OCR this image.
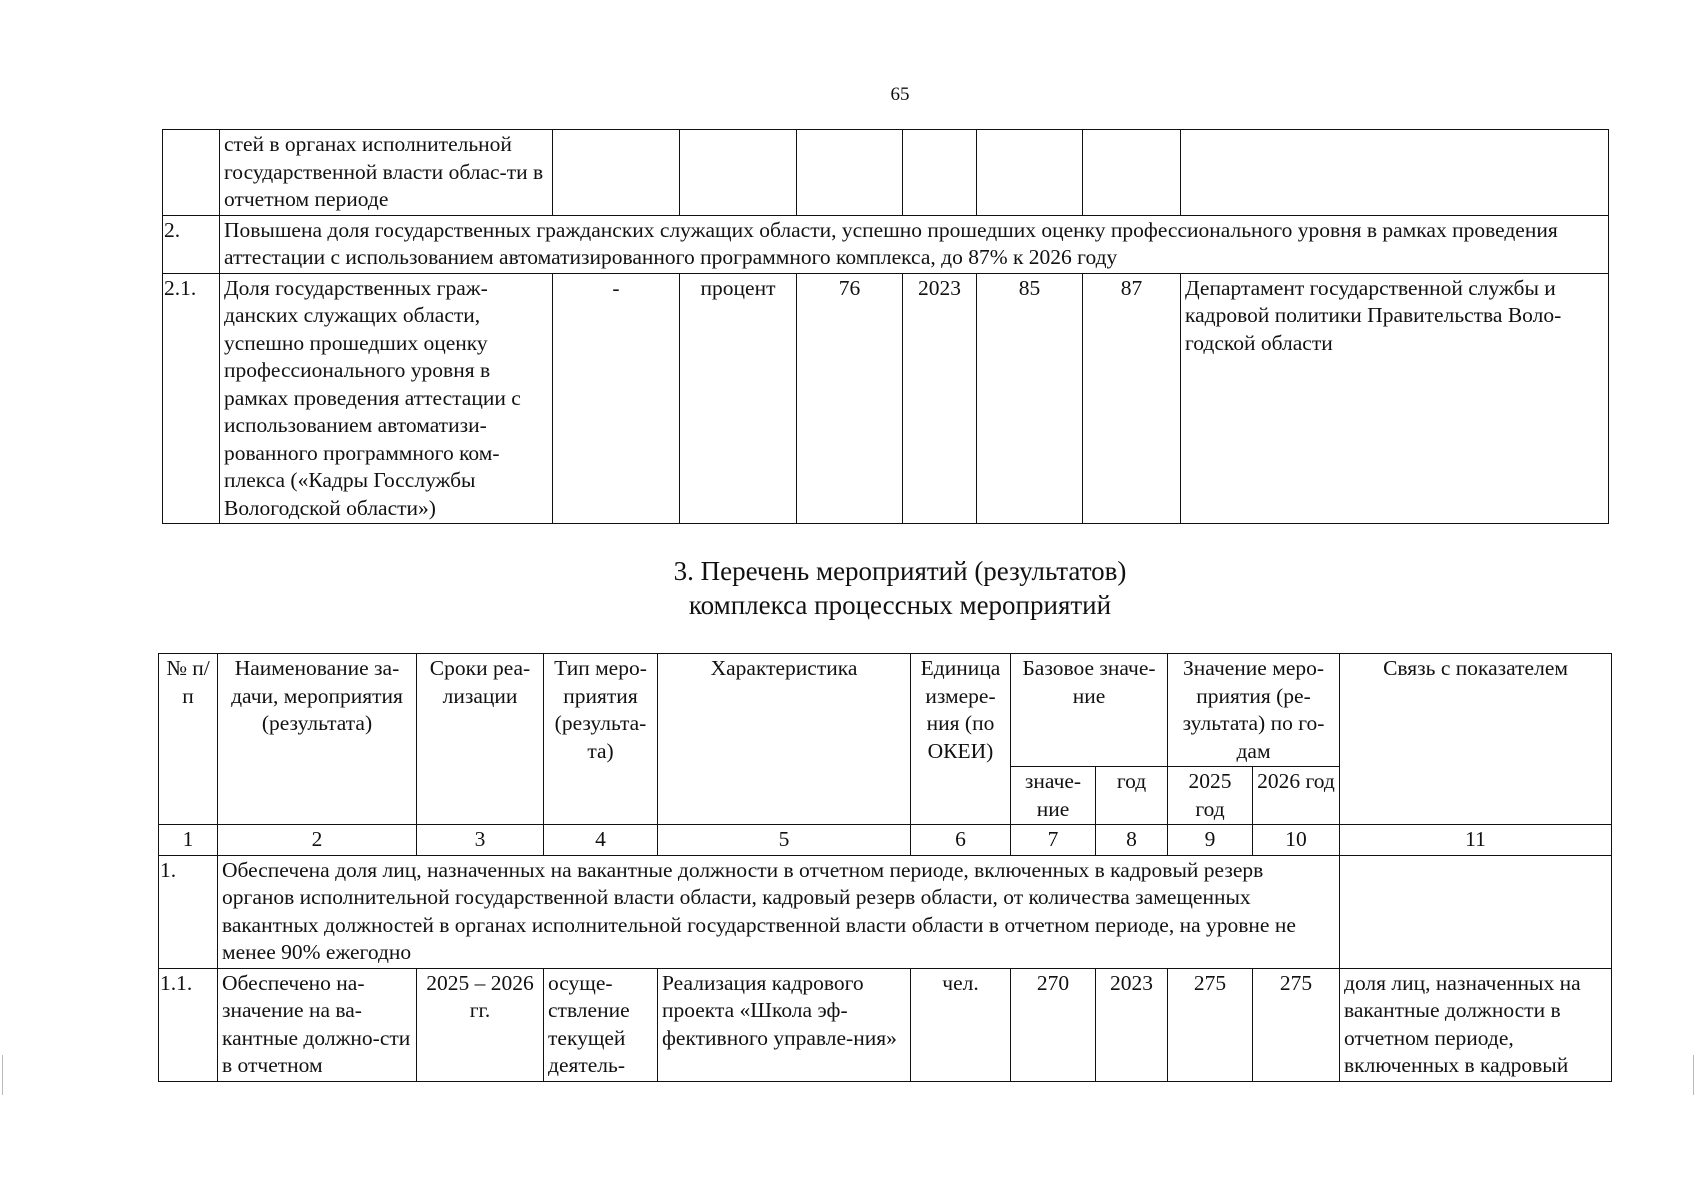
65
	стей в органах исполнительной государственной власти облас-ти в отчетном периоде							
2.	Повышена доля государственных гражданских служащих области, успешно прошедших оценку профессионального уровня в рамках проведения аттестации с использованием автоматизированного программного комплекса, до 87% к 2026 году							
2.1.	Доля государственных граж-данских служащих области, успешно прошедших оценку профессионального уровня в рамках проведения аттестации с использованием автоматизи-рованного программного ком-плекса («Кадры Госслужбы Вологодской области»)	-	процент	76	2023	85	87	Департамент государственной службы и кадровой политики Правительства Воло-годской области
3. Перечень мероприятий (результатов)
комплекса процессных мероприятий
№ п/п	Наименование за-дачи, мероприятия (результата)	Сроки реа-лизации	Тип меро-приятия (результа-та)	Характеристика	Единица измере-ния (по ОКЕИ)	Базовое значе-ние		Значение меро-приятия (ре-зультата) по го-дам		Связь с показателем
						значе-ние	год	2025 год	2026 год	
1	2	3	4	5	6	7	8	9	10	11
1.	Обеспечена доля лиц, назначенных на вакантные должности в отчетном периоде, включенных в кадровый резерв органов исполнительной государственной власти области, кадровый резерв области, от количества замещенных вакантных должностей в органах исполнительной государственной власти области в отчетном периоде, на уровне не менее 90% ежегодно									
1.1.	Обеспечено на-значение на ва-кантные должно-сти в отчетном	2025 – 2026 гг.	осуще-ствление текущей деятель-	Реализация кадрового проекта «Школа эф-фективного управле-ния»	чел.	270	2023	275	275	доля лиц, назначенных на вакантные должности в отчетном периоде, включенных в кадровый
